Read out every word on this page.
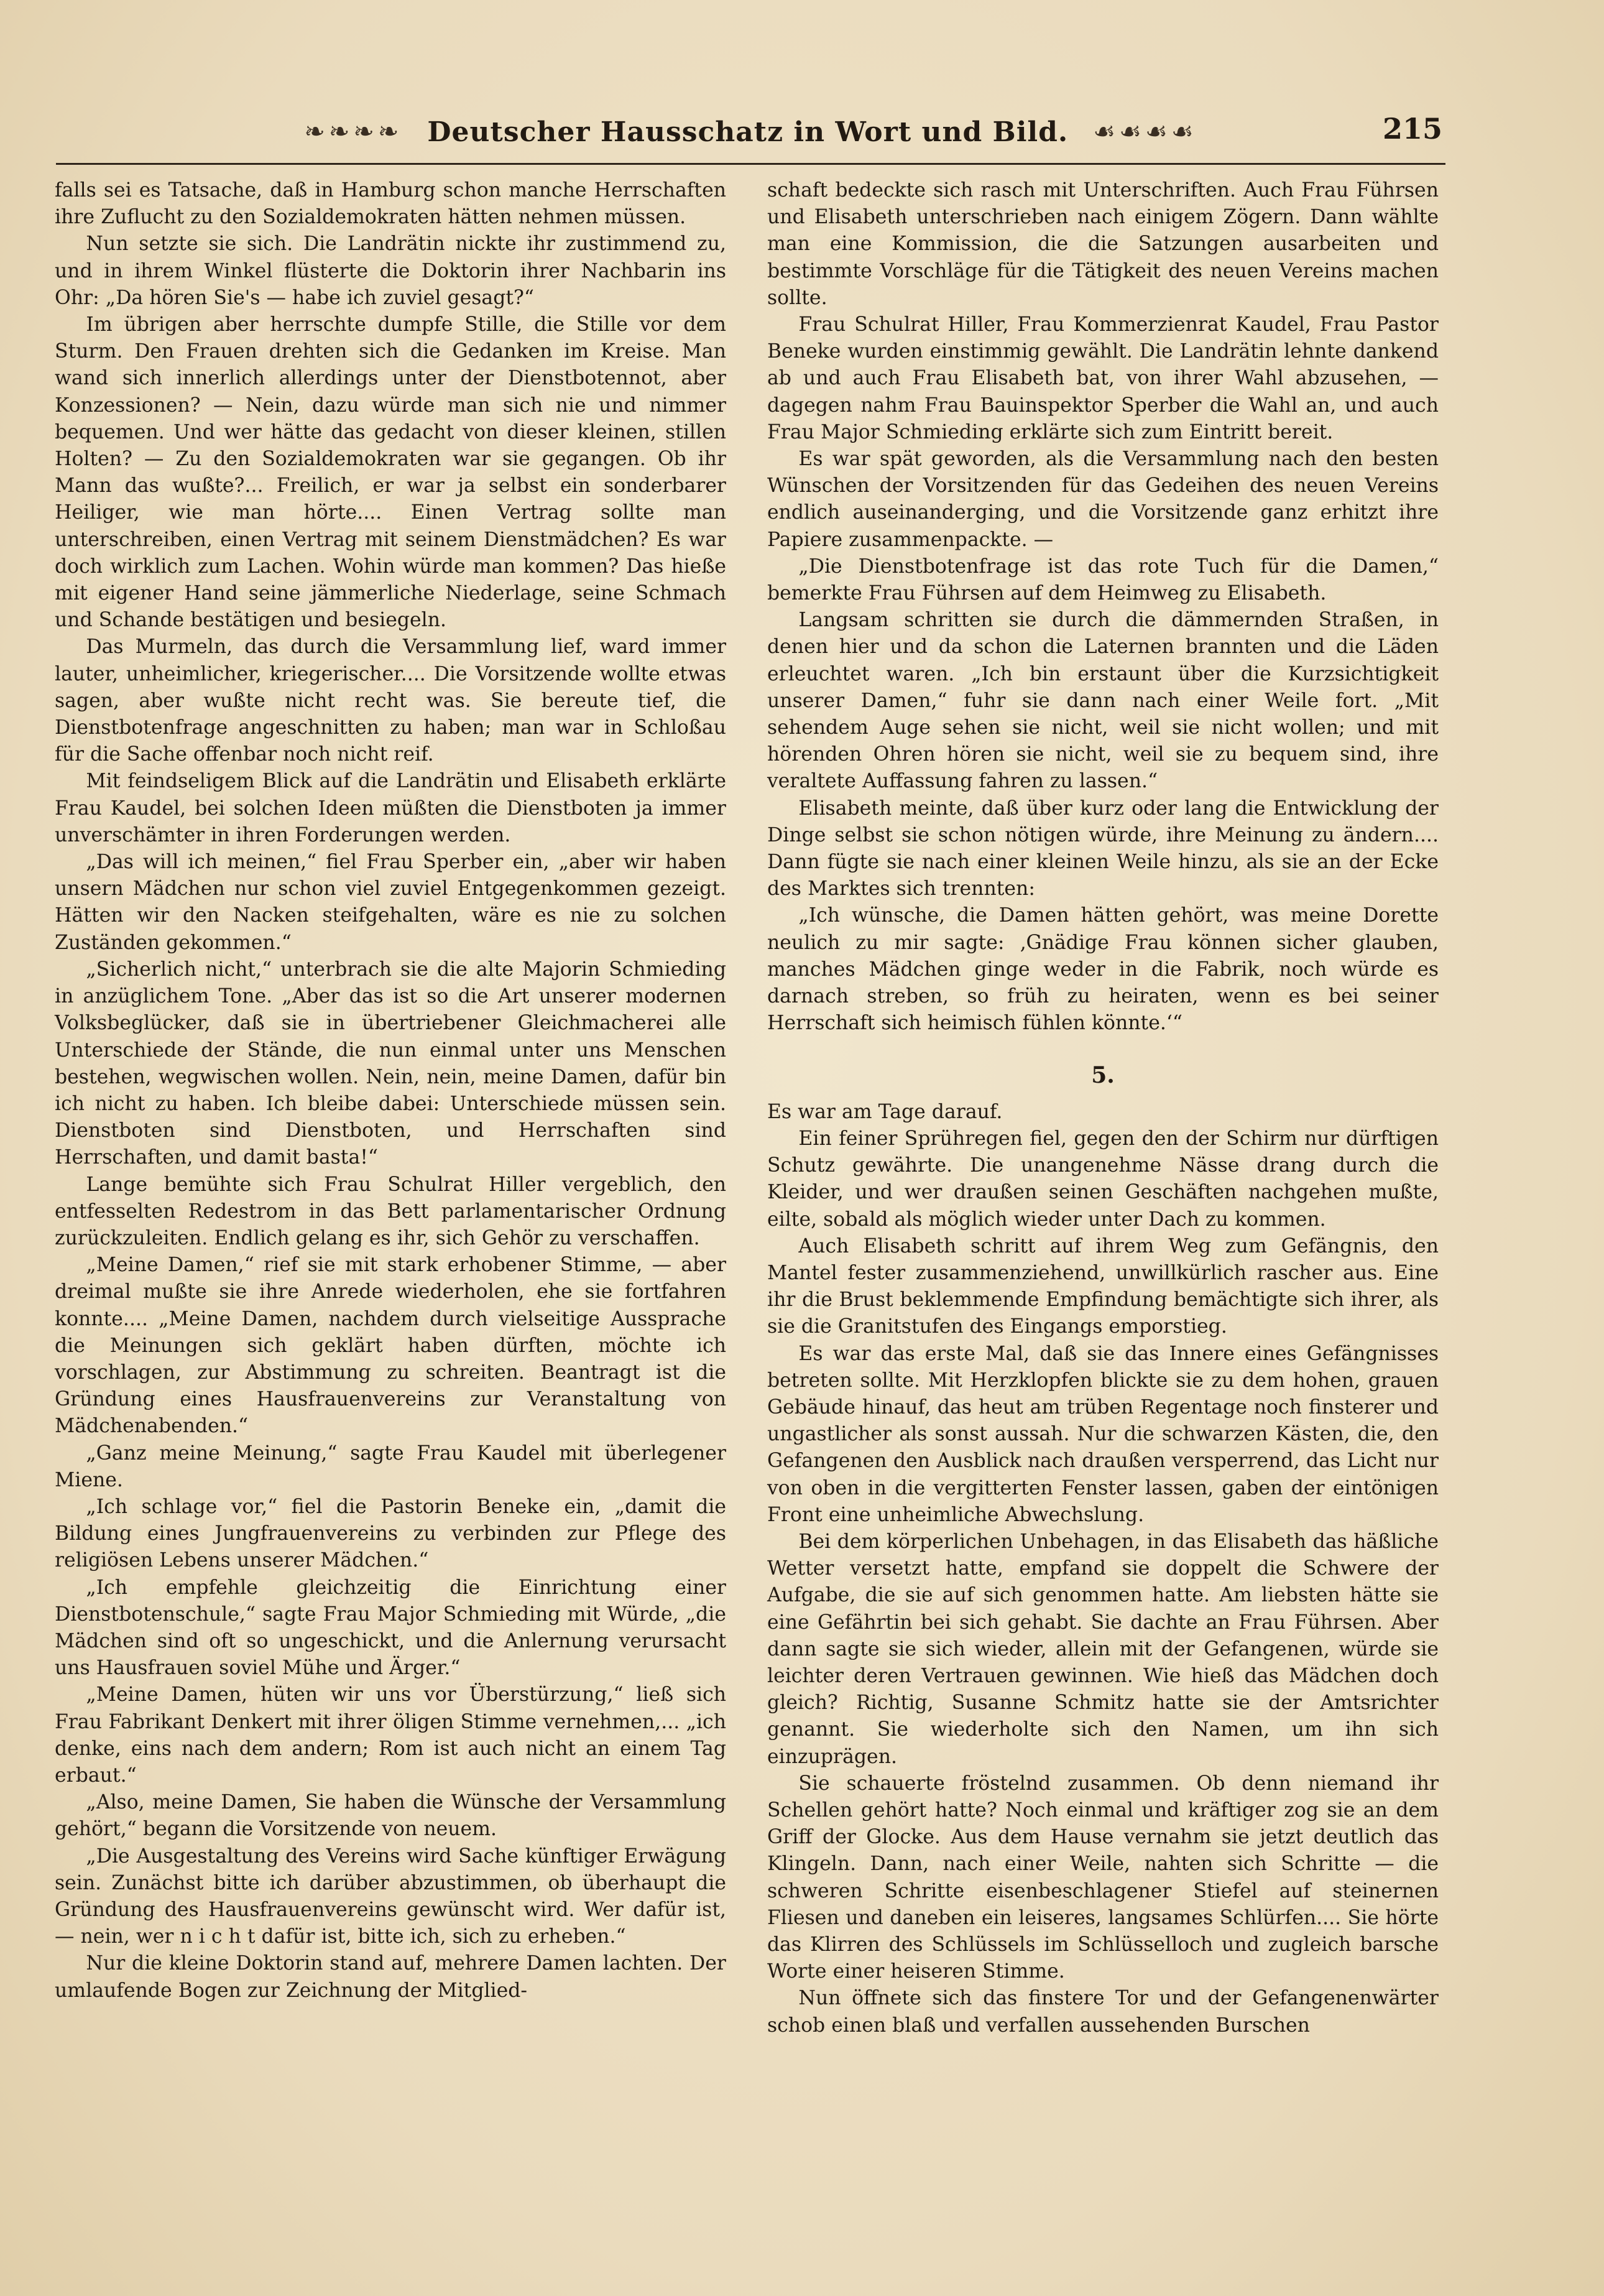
❧❧❧❧ Deutscher Hausschatz in Wort und Bild. ☙☙☙☙	215

falls sei es Tatsache, daß in Hamburg schon manche Herrschaften ihre Zuflucht zu den Sozialdemokraten hätten nehmen müssen.

Nun setzte sie sich. Die Landrätin nickte ihr zustimmend zu, und in ihrem Winkel flüsterte die Doktorin ihrer Nachbarin ins Ohr: „Da hören Sie's — habe ich zuviel gesagt?“

Im übrigen aber herrschte dumpfe Stille, die Stille vor dem Sturm. Den Frauen drehten sich die Gedanken im Kreise. Man wand sich innerlich allerdings unter der Dienstbotennot, aber Konzessionen? — Nein, dazu würde man sich nie und nimmer bequemen. Und wer hätte das gedacht von dieser kleinen, stillen Holten? — Zu den Sozialdemokraten war sie gegangen. Ob ihr Mann das wußte?... Freilich, er war ja selbst ein sonderbarer Heiliger, wie man hörte.... Einen Vertrag sollte man unterschreiben, einen Vertrag mit seinem Dienstmädchen? Es war doch wirklich zum Lachen. Wohin würde man kommen? Das hieße mit eigener Hand seine jämmerliche Niederlage, seine Schmach und Schande bestätigen und besiegeln.

Das Murmeln, das durch die Versammlung lief, ward immer lauter, unheimlicher, kriegerischer.... Die Vorsitzende wollte etwas sagen, aber wußte nicht recht was. Sie bereute tief, die Dienstbotenfrage angeschnitten zu haben; man war in Schloßau für die Sache offenbar noch nicht reif.

Mit feindseligem Blick auf die Landrätin und Elisabeth erklärte Frau Kaudel, bei solchen Ideen müßten die Dienstboten ja immer unverschämter in ihren Forderungen werden.

„Das will ich meinen,“ fiel Frau Sperber ein, „aber wir haben unsern Mädchen nur schon viel zuviel Entgegenkommen gezeigt. Hätten wir den Nacken steifgehalten, wäre es nie zu solchen Zuständen gekommen.“

„Sicherlich nicht,“ unterbrach sie die alte Majorin Schmieding in anzüglichem Tone. „Aber das ist so die Art unserer modernen Volksbeglücker, daß sie in übertriebener Gleichmacherei alle Unterschiede der Stände, die nun einmal unter uns Menschen bestehen, wegwischen wollen. Nein, nein, meine Damen, dafür bin ich nicht zu haben. Ich bleibe dabei: Unterschiede müssen sein. Dienstboten sind Dienstboten, und Herrschaften sind Herrschaften, und damit basta!“

Lange bemühte sich Frau Schulrat Hiller vergeblich, den entfesselten Redestrom in das Bett parlamentarischer Ordnung zurückzuleiten. Endlich gelang es ihr, sich Gehör zu verschaffen.

„Meine Damen,“ rief sie mit stark erhobener Stimme, — aber dreimal mußte sie ihre Anrede wiederholen, ehe sie fortfahren konnte.... „Meine Damen, nachdem durch vielseitige Aussprache die Meinungen sich geklärt haben dürften, möchte ich vorschlagen, zur Abstimmung zu schreiten. Beantragt ist die Gründung eines Hausfrauenvereins zur Veranstaltung von Mädchenabenden.“

„Ganz meine Meinung,“ sagte Frau Kaudel mit überlegener Miene.

„Ich schlage vor,“ fiel die Pastorin Beneke ein, „damit die Bildung eines Jungfrauenvereins zu verbinden zur Pflege des religiösen Lebens unserer Mädchen.“

„Ich empfehle gleichzeitig die Einrichtung einer Dienstbotenschule,“ sagte Frau Major Schmieding mit Würde, „die Mädchen sind oft so ungeschickt, und die Anlernung verursacht uns Hausfrauen soviel Mühe und Ärger.“

„Meine Damen, hüten wir uns vor Überstürzung,“ ließ sich Frau Fabrikant Denkert mit ihrer öligen Stimme vernehmen,... „ich denke, eins nach dem andern; Rom ist auch nicht an einem Tag erbaut.“

„Also, meine Damen, Sie haben die Wünsche der Versammlung gehört,“ begann die Vorsitzende von neuem.

„Die Ausgestaltung des Vereins wird Sache künftiger Erwägung sein. Zunächst bitte ich darüber abzustimmen, ob überhaupt die Gründung des Hausfrauenvereins gewünscht wird. Wer dafür ist, — nein, wer n i c h t dafür ist, bitte ich, sich zu erheben.“

Nur die kleine Doktorin stand auf, mehrere Damen lachten. Der umlaufende Bogen zur Zeichnung der Mitglied-

schaft bedeckte sich rasch mit Unterschriften. Auch Frau Führsen und Elisabeth unterschrieben nach einigem Zögern. Dann wählte man eine Kommission, die die Satzungen ausarbeiten und bestimmte Vorschläge für die Tätigkeit des neuen Vereins machen sollte.

Frau Schulrat Hiller, Frau Kommerzienrat Kaudel, Frau Pastor Beneke wurden einstimmig gewählt. Die Landrätin lehnte dankend ab und auch Frau Elisabeth bat, von ihrer Wahl abzusehen, — dagegen nahm Frau Bauinspektor Sperber die Wahl an, und auch Frau Major Schmieding erklärte sich zum Eintritt bereit.

Es war spät geworden, als die Versammlung nach den besten Wünschen der Vorsitzenden für das Gedeihen des neuen Vereins endlich auseinanderging, und die Vorsitzende ganz erhitzt ihre Papiere zusammenpackte. —

„Die Dienstbotenfrage ist das rote Tuch für die Damen,“ bemerkte Frau Führsen auf dem Heimweg zu Elisabeth.

Langsam schritten sie durch die dämmernden Straßen, in denen hier und da schon die Laternen brannten und die Läden erleuchtet waren. „Ich bin erstaunt über die Kurzsichtigkeit unserer Damen,“ fuhr sie dann nach einer Weile fort. „Mit sehendem Auge sehen sie nicht, weil sie nicht wollen; und mit hörenden Ohren hören sie nicht, weil sie zu bequem sind, ihre veraltete Auffassung fahren zu lassen.“

Elisabeth meinte, daß über kurz oder lang die Entwicklung der Dinge selbst sie schon nötigen würde, ihre Meinung zu ändern.... Dann fügte sie nach einer kleinen Weile hinzu, als sie an der Ecke des Marktes sich trennten:

„Ich wünsche, die Damen hätten gehört, was meine Dorette neulich zu mir sagte: ‚Gnädige Frau können sicher glauben, manches Mädchen ginge weder in die Fabrik, noch würde es darnach streben, so früh zu heiraten, wenn es bei seiner Herrschaft sich heimisch fühlen könnte.‘“

5.

Es war am Tage darauf.

Ein feiner Sprühregen fiel, gegen den der Schirm nur dürftigen Schutz gewährte. Die unangenehme Nässe drang durch die Kleider, und wer draußen seinen Geschäften nachgehen mußte, eilte, sobald als möglich wieder unter Dach zu kommen.

Auch Elisabeth schritt auf ihrem Weg zum Gefängnis, den Mantel fester zusammenziehend, unwillkürlich rascher aus. Eine ihr die Brust beklemmende Empfindung bemächtigte sich ihrer, als sie die Granitstufen des Eingangs emporstieg.

Es war das erste Mal, daß sie das Innere eines Gefängnisses betreten sollte. Mit Herzklopfen blickte sie zu dem hohen, grauen Gebäude hinauf, das heut am trüben Regentage noch finsterer und ungastlicher als sonst aussah. Nur die schwarzen Kästen, die, den Gefangenen den Ausblick nach draußen versperrend, das Licht nur von oben in die vergitterten Fenster lassen, gaben der eintönigen Front eine unheimliche Abwechslung.

Bei dem körperlichen Unbehagen, in das Elisabeth das häßliche Wetter versetzt hatte, empfand sie doppelt die Schwere der Aufgabe, die sie auf sich genommen hatte. Am liebsten hätte sie eine Gefährtin bei sich gehabt. Sie dachte an Frau Führsen. Aber dann sagte sie sich wieder, allein mit der Gefangenen, würde sie leichter deren Vertrauen gewinnen. Wie hieß das Mädchen doch gleich? Richtig, Susanne Schmitz hatte sie der Amtsrichter genannt. Sie wiederholte sich den Namen, um ihn sich einzuprägen.

Sie schauerte fröstelnd zusammen. Ob denn niemand ihr Schellen gehört hatte? Noch einmal und kräftiger zog sie an dem Griff der Glocke. Aus dem Hause vernahm sie jetzt deutlich das Klingeln. Dann, nach einer Weile, nahten sich Schritte — die schweren Schritte eisenbeschlagener Stiefel auf steinernen Fliesen und daneben ein leiseres, langsames Schlürfen.... Sie hörte das Klirren des Schlüssels im Schlüsselloch und zugleich barsche Worte einer heiseren Stimme.

Nun öffnete sich das finstere Tor und der Gefangenenwärter schob einen blaß und verfallen aussehenden Burschen
